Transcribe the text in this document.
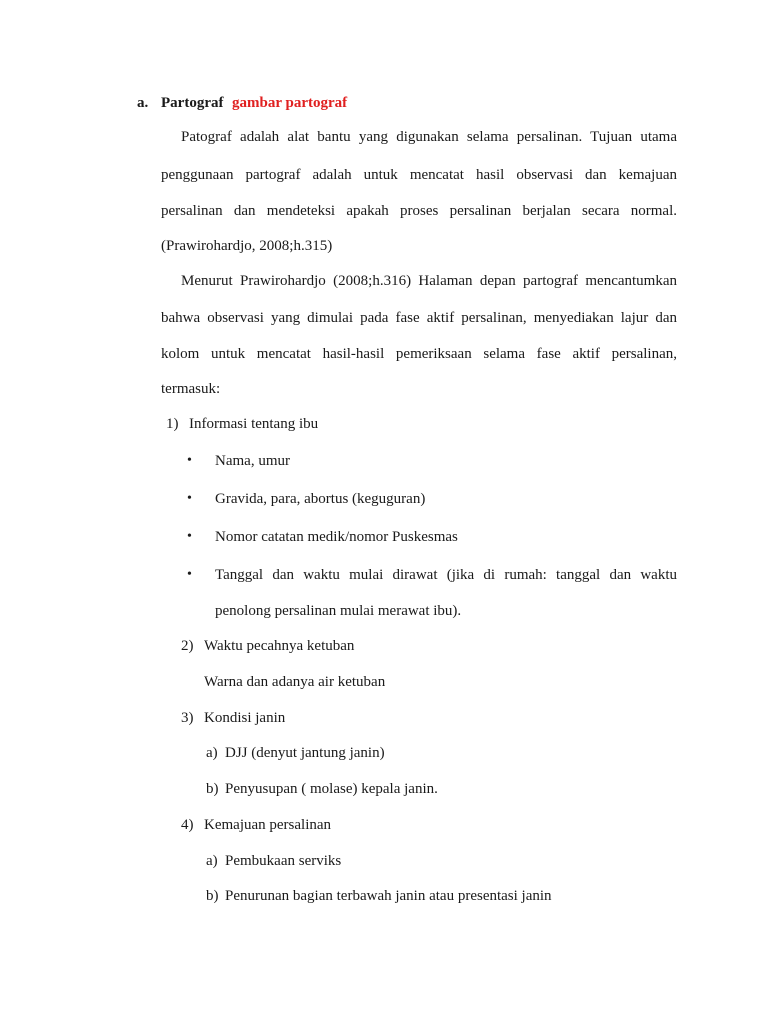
a. Partograf gambar partograf
Patograf adalah alat bantu yang digunakan selama persalinan. Tujuan utama
penggunaan partograf adalah untuk mencatat hasil observasi dan kemajuan
persalinan dan mendeteksi apakah proses persalinan berjalan secara normal.
(Prawirohardjo, 2008;h.315)
Menurut Prawirohardjo (2008;h.316) Halaman depan partograf mencantumkan
bahwa observasi yang dimulai pada fase aktif persalinan, menyediakan lajur dan
kolom untuk mencatat hasil-hasil pemeriksaan selama fase aktif persalinan,
termasuk:
1) Informasi tentang ibu
• Nama, umur
• Gravida, para, abortus (keguguran)
• Nomor catatan medik/nomor Puskesmas
• Tanggal dan waktu mulai dirawat (jika di rumah: tanggal dan waktu
penolong persalinan mulai merawat ibu).
2) Waktu pecahnya ketuban
Warna dan adanya air ketuban
3) Kondisi janin
a) DJJ (denyut jantung janin)
b) Penyusupan ( molase) kepala janin.
4) Kemajuan persalinan
a) Pembukaan serviks
b) Penurunan bagian terbawah janin atau presentasi janin
